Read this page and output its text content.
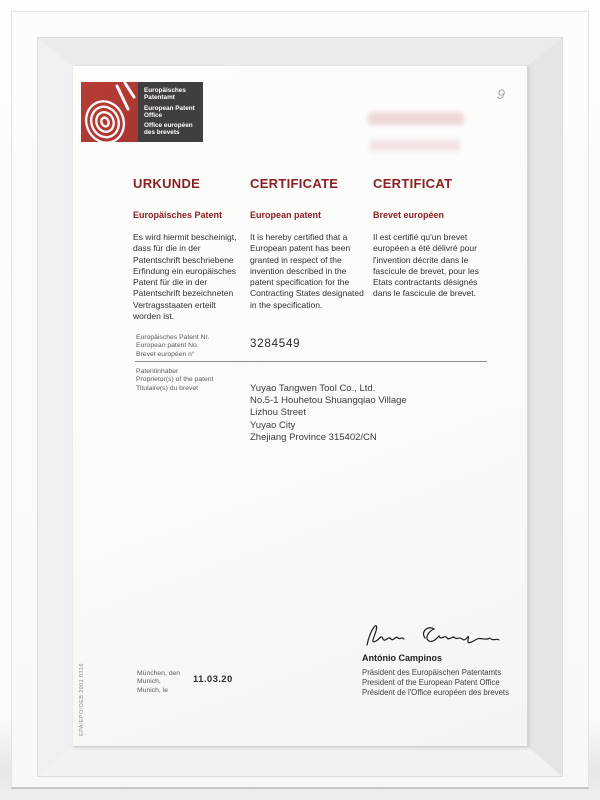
Europäisches Patentamt

European Patent Office

Office européen des brevets

9
URKUNDE
Europäisches Patent

Es wird hiermit bescheinigt, dass für die in der Patentschrift beschriebene Erfindung ein europäisches Patent für die in der Patentschrift bezeichneten Vertragsstaaten erteilt worden ist.

CERTIFICATE
European patent

It is hereby certified that a European patent has been granted in respect of the invention described in the patent specification for the Contracting States designated in the specification.

CERTIFICAT
Brevet européen

Il est certifié qu'un brevet européen a été délivré pour l'invention décrite dans le fascicule de brevet, pour les Etats contractants désignés dans le fascicule de brevet.

Europäisches Patent Nr.
European patent No.
Brevet européen n°
3284549
Patentinhaber
Proprietor(s) of the patent
Titulaire(s) du brevet	Yuyao Tangwen Tool Co., Ltd.
No.5-1 Houhetou Shuangqiao Village
Lizhou Street
Yuyao City
Zhejiang Province 315402/CN
António Campinos
Präsident des Europäischen Patentamts
President of the European Patent Office
Président de l'Office européen des brevets
München, den
Munich,
Munich, le
11.03.20
EPA/EPO/OEB 2001 0316
